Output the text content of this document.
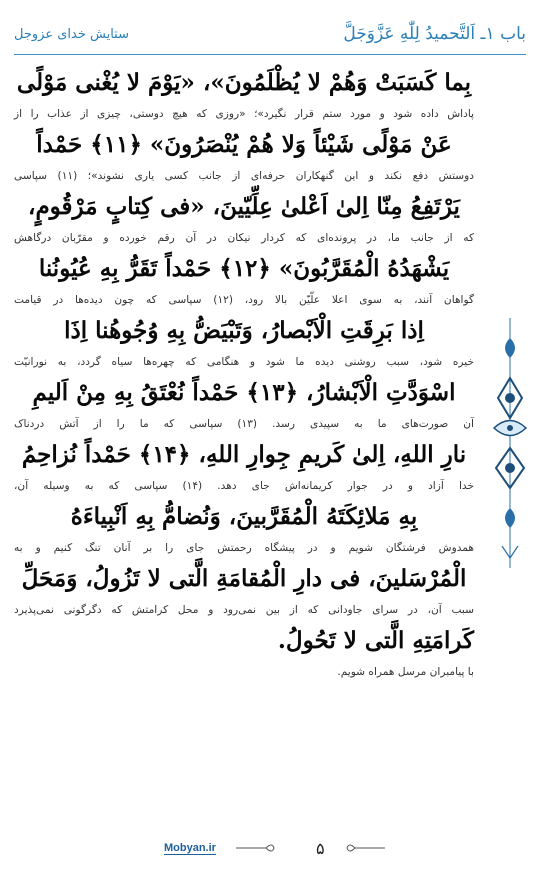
ستایش خدای عزوجل	باب ۱ـ اَلتَّحمیدُ لِلّٰهِ عَزَّوَجَلَّ
بِما كَسَبَتْ وَهُمْ لا يُظْلَمُونَ»، «يَوْمَ لا يُغْنى مَوْلًى
پاداش داده شود و مورد ستم قرار نگیرد»؛ «روزی که هیچ دوستی، چیزی از عذاب را از
عَنْ مَوْلًى شَيْئاً وَلا هُمْ يُنْصَرُونَ» ﴿۱۱﴾ حَمْداً
دوستش دفع نکند و این گنهکاران حرفه‌ای از جانب کسی یاری نشوند»؛ (۱۱) سپاسی
يَرْتَفِعُ مِنّا اِلىٰ اَعْلىٰ عِلِّيّينَ، «فى كِتابٍ مَرْقُومٍ،
که از جانب ما، در پرونده‌ای که کردار نیکان در آن رقم خورده و مقرّبان درگاهش
يَشْهَدُهُ الْمُقَرَّبُونَ» ﴿۱۲﴾ حَمْداً تَقَرُّ بِهِ عُيُونُنا
گواهان آنند، به سوی اعلا علّیّن بالا رود، (۱۲) سپاسی که چون دیده‌ها در قیامت
اِذا بَرِقَتِ الْاَبْصارُ، وَتَبْيَضُّ بِهِ وُجُوهُنا اِذَا
خیره شود، سبب روشنی دیده ما شود و هنگامی که چهره‌ها سیاه گردد، به نورانیّت
اسْوَدَّتِ الْاَبْشارُ، ﴿۱۳﴾ حَمْداً نُعْتَقُ بِهِ مِنْ اَليمِ
آن صورت‌های ما به سپیدی رسد. (۱۳) سپاسی که ما را از آتش دردناک
نارِ اللهِ، اِلىٰ كَريمِ جِوارِ اللهِ، ﴿۱۴﴾ حَمْداً نُزاحِمُ
خدا آزاد و در جوار کریمانه‌اش جای دهد. (۱۴) سپاسی که به وسیله آن،
بِهِ مَلائِكَتَهُ الْمُقَرَّبينَ، وَنُضامُّ بِهِ اَنْبِياءَهُ
همدوش فرشتگان شویم و در پیشگاه رحمتش جای را بر آنان تنگ کنیم و به
الْمُرْسَلينَ، فى دارِ الْمُقامَةِ الَّتى لا تَزُولُ، وَمَحَلِّ
سبب آن، در سرای جاودانی که از بین نمی‌رود و محل کرامتش که دگرگونی نمی‌پذیرد
كَرامَتِهِ الَّتى لا تَحُولُ.
با پیامبران مرسل همراه شویم.
Mobyan.ir	۵
